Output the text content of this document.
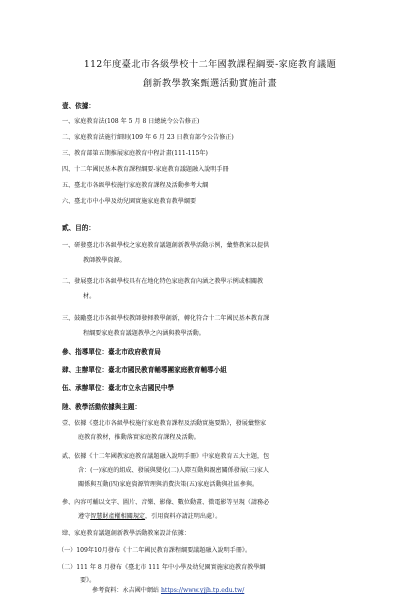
112年度臺北市各級學校十二年國教課程綱要-家庭教育議題
創新教學教案甄選活動實施計畫
壹、依據：
一、家庭教育法(108 年 5 月 8 日總統令公告修正)
二、家庭教育法施行細則(109 年 6 月 23 日教育部令公告修正)
三、教育部第五期推展家庭教育中程計畫(111-115年)
四、十二年國民基本教育課程綱要-家庭教育議題融入說明手冊
五、臺北市各級學校施行家庭教育課程及活動參考大綱
六、臺北市中小學及幼兒園實施家庭教育教學綱要
貳、目的：
一、研發臺北市各級學校之家庭教育議題創新教學活動示例，彙整教案以提供
教師教學資源。
二、發展臺北市各級學校具有在地化特色家庭教育內涵之教學示例或相關教
材。
三、鼓勵臺北市各級學校教師發揮教學創新，轉化符合十二年國民基本教育課
程綱要家庭教育議題教學之內涵與教學活動。
參、指導單位：臺北市政府教育局
肆、主辦單位：臺北市國民教育輔導團家庭教育輔導小組
伍、承辦單位：臺北市立永吉國民中學
陸、教學活動依據與主題：
壹、依據《臺北市各級學校施行家庭教育課程及活動實施要點》，發展彙整家
庭教育教材，推動落實家庭教育課程及活動。
貳、依據《十二年國教家庭教育議題融入說明手冊》中家庭教育五大主題，包
含：(一)家庭的組成、發展與變化(二)人際互動與親密關係發展(三)家人
關係與互動(四)家庭資源管理與消費決策(五)家庭活動與社區參與。
參、內容可輔以文字、圖片、音樂、影像、數位動畫、微電影等呈現（請務必
遵守智慧財產權相關規定，引用資料亦請註明出處）。
肆、家庭教育議題創新教學活動教案設計依據：
（一）109年10月發布《十二年國民教育課程綱要議題融入說明手冊》。
（二）111 年 8 月發布《臺北市 111 年中小學及幼兒園實施家庭教育教學綱
要》。
參考資料：永吉國中網站 https://www.yjjh.tp.edu.tw/
